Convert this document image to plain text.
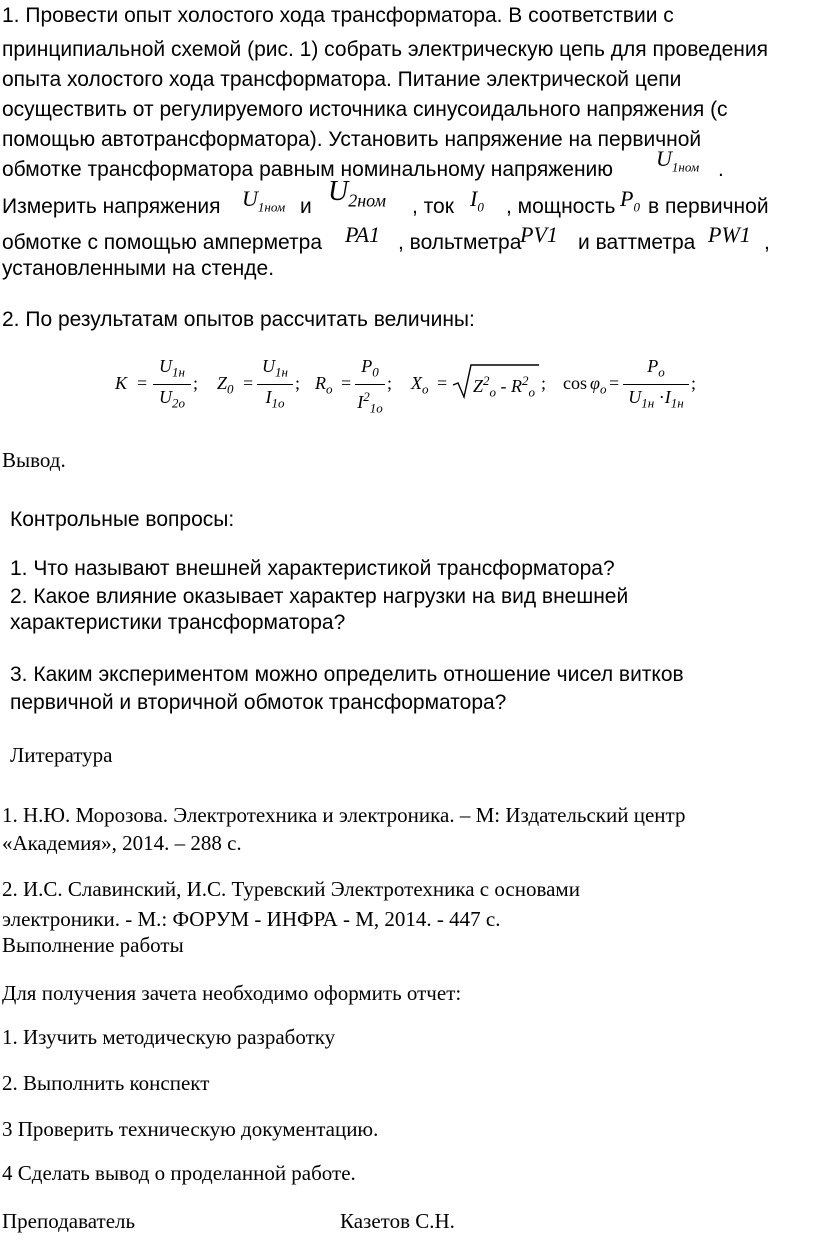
1. Провести опыт холостого хода трансформатора. В соответствии с
принципиальной схемой (рис. 1) собрать электрическую цепь для проведения
опыта холостого хода трансформатора. Питание электрической цепи
осуществить от регулируемого источника синусоидального напряжения (с
помощью автотрансформатора). Установить напряжение на первичной
обмотке трансформатора равным номинальному напряжению $U_{1ном}$ .
Измерить напряжения $U_{1ном}$ и $U_{2ном}$ , ток $I_0$ , мощность $P_0$ в первичной
обмотке с помощью амперметра PA1 , вольтметра
PV1 и ваттметра PW1 ,
установленными на стенде.
2. По результатам опытов рассчитать величины:
K =
$U_{1н}$
$U_{2о}$
; $Z_0$ =
$U_{1н}$
$I_{1о}$
; $R_о$ =
$P_0$
$I^2_{1о}$
; $X_о = Z^2_о - R^2_о$ ; $\cos \varphi_о$ =
$P_о$
$U_{1н} \cdot I_{1н}$
;
Вывод.
Контрольные вопросы:
1. Что называют внешней характеристикой трансформатора?
2. Какое влияние оказывает характер нагрузки на вид внешней
характеристики трансформатора?
3. Каким экспериментом можно определить отношение чисел витков
первичной и вторичной обмоток трансформатора?
Литература
1. Н.Ю. Морозова. Электротехника и электроника. – М: Издательский центр
«Академия», 2014. – 288 с.
2. И.С. Славинский, И.С. Туревский Электротехника с основами
электроники. - М.: ФОРУМ - ИНФРА - М, 2014. - 447 с.
Выполнение работы
Для получения зачета необходимо оформить отчет:
1. Изучить методическую разработку
2. Выполнить конспект
3 Проверить техническую документацию.
4 Сделать вывод о проделанной работе.
Преподаватель	Казетов С.Н.
